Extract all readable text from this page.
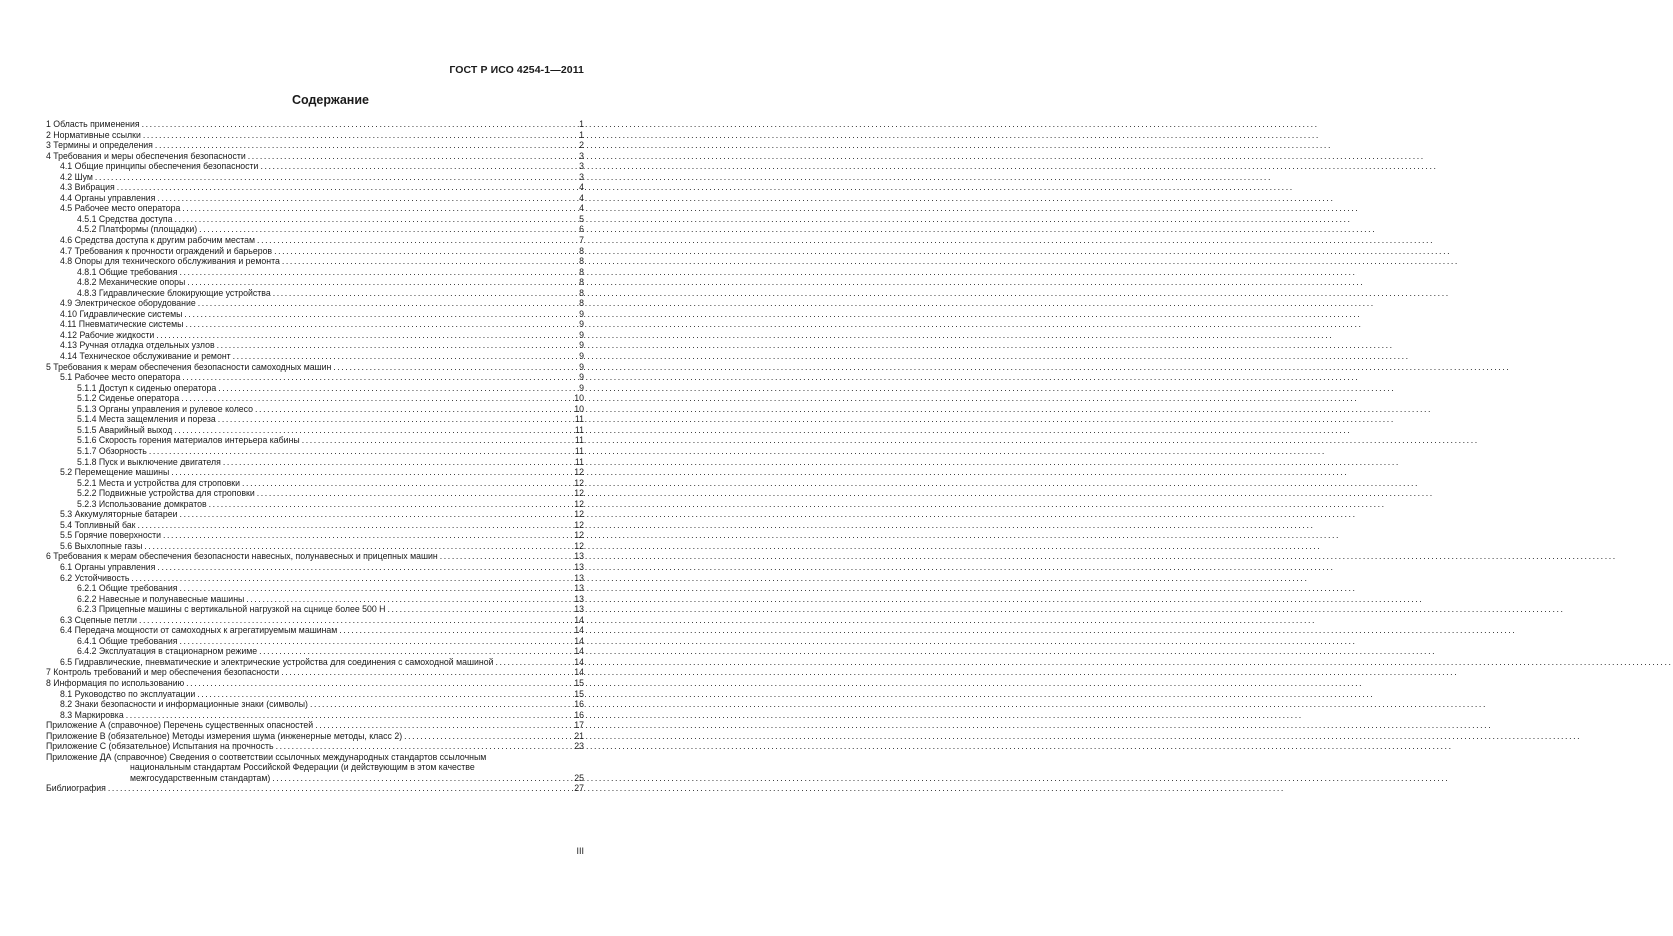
ГОСТ Р ИСО 4254-1—2011
Содержание
1 Область применения .....	1
2 Нормативные ссылки .....	1
3 Термины и определения .....	2
4 Требования и меры обеспечения безопасности .....	3
4.1 Общие принципы обеспечения безопасности .....	3
4.2 Шум .....	3
4.3 Вибрация .....	4
4.4 Органы управления .....	4
4.5 Рабочее место оператора .....	4
4.5.1 Средства доступа .....	5
4.5.2 Платформы (площадки) .....	6
4.6 Средства доступа к другим рабочим местам .....	7
4.7 Требования к прочности ограждений и барьеров .....	8
4.8 Опоры для технического обслуживания и ремонта .....	8
4.8.1 Общие требования .....	8
4.8.2 Механические опоры .....	8
4.8.3 Гидравлические блокирующие устройства .....	8
4.9 Электрическое оборудование .....	8
4.10 Гидравлические системы .....	9
4.11 Пневматические системы .....	9
4.12 Рабочие жидкости .....	9
4.13 Ручная отладка отдельных узлов .....	9
4.14 Техническое обслуживание и ремонт .....	9
5 Требования к мерам обеспечения безопасности самоходных машин .....	9
5.1 Рабочее место оператора .....	9
5.1.1 Доступ к сиденью оператора .....	9
5.1.2 Сиденье оператора .....	10
5.1.3 Органы управления и рулевое колесо .....	10
5.1.4 Места защемления и пореза .....	11
5.1.5 Аварийный выход .....	11
5.1.6 Скорость горения материалов интерьера кабины .....	11
5.1.7 Обзорность .....	11
5.1.8 Пуск и выключение двигателя .....	11
5.2 Перемещение машины .....	12
5.2.1 Места и устройства для строповки .....	12
5.2.2 Подвижные устройства для строповки .....	12
5.2.3 Использование домкратов .....	12
5.3 Аккумуляторные батареи .....	12
5.4 Топливный бак .....	12
5.5 Горячие поверхности .....	12
5.6 Выхлопные газы .....	12
6 Требования к мерам обеспечения безопасности навесных, полунавесных и прицепных машин .....	13
6.1 Органы управления .....	13
6.2 Устойчивость .....	13
6.2.1 Общие требования .....	13
6.2.2 Навесные и полунавесные машины .....	13
6.2.3 Прицепные машины с вертикальной нагрузкой на сцнице более 500 Н .....	13
6.3 Сцепные петли .....	14
6.4 Передача мощности от самоходных к агрегатируемым машинам .....	14
6.4.1 Общие требования .....	14
6.4.2 Эксплуатация в стационарном режиме .....	14
6.5 Гидравлические, пневматические и электрические устройства для соединения с самоходной машиной .....	14
7 Контроль требований и мер обеспечения безопасности .....	14
8 Информация по использованию .....	15
8.1 Руководство по эксплуатации .....	15
8.2 Знаки безопасности и информационные знаки (символы) .....	16
8.3 Маркировка .....	16
Приложение А (справочное) Перечень существенных опасностей .....	17
Приложение В (обязательное) Методы измерения шума (инженерные методы, класс 2) .....	21
Приложение С (обязательное) Испытания на прочность .....	23
Приложение ДА (справочное) Сведения о соответствии ссылочных международных стандартов ссылочным
национальным стандартам Российской Федерации (и действующим в этом качестве
межгосударственным стандартам) .....	25
Библиография .....	27
III
